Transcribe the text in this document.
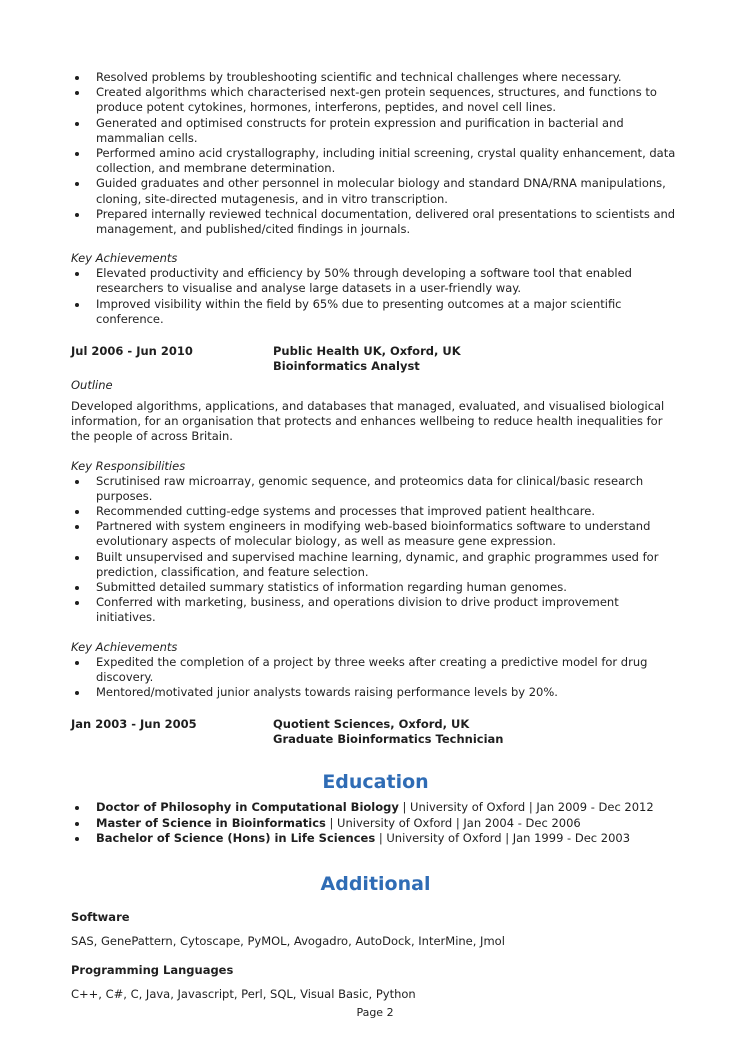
Resolved problems by troubleshooting scientific and technical challenges where necessary.
Created algorithms which characterised next-gen protein sequences, structures, and functions to produce potent cytokines, hormones, interferons, peptides, and novel cell lines.
Generated and optimised constructs for protein expression and purification in bacterial and mammalian cells.
Performed amino acid crystallography, including initial screening, crystal quality enhancement, data collection, and membrane determination.
Guided graduates and other personnel in molecular biology and standard DNA/RNA manipulations, cloning, site-directed mutagenesis, and in vitro transcription.
Prepared internally reviewed technical documentation, delivered oral presentations to scientists and management, and published/cited findings in journals.
Key Achievements
Elevated productivity and efficiency by 50% through developing a software tool that enabled researchers to visualise and analyse large datasets in a user-friendly way.
Improved visibility within the field by 65% due to presenting outcomes at a major scientific conference.
Jul 2006 - Jun 2010	Public Health UK, Oxford, UK
Bioinformatics Analyst
Outline
Developed algorithms, applications, and databases that managed, evaluated, and visualised biological information, for an organisation that protects and enhances wellbeing to reduce health inequalities for the people of across Britain.
Key Responsibilities
Scrutinised raw microarray, genomic sequence, and proteomics data for clinical/basic research purposes.
Recommended cutting-edge systems and processes that improved patient healthcare.
Partnered with system engineers in modifying web-based bioinformatics software to understand evolutionary aspects of molecular biology, as well as measure gene expression.
Built unsupervised and supervised machine learning, dynamic, and graphic programmes used for prediction, classification, and feature selection.
Submitted detailed summary statistics of information regarding human genomes.
Conferred with marketing, business, and operations division to drive product improvement initiatives.
Key Achievements
Expedited the completion of a project by three weeks after creating a predictive model for drug discovery.
Mentored/motivated junior analysts towards raising performance levels by 20%.
Jan 2003 - Jun 2005	Quotient Sciences, Oxford, UK
Graduate Bioinformatics Technician
Education
Doctor of Philosophy in Computational Biology | University of Oxford | Jan 2009 - Dec 2012
Master of Science in Bioinformatics | University of Oxford | Jan 2004 - Dec 2006
Bachelor of Science (Hons) in Life Sciences | University of Oxford | Jan 1999 - Dec 2003
Additional
Software
SAS, GenePattern, Cytoscape, PyMOL, Avogadro, AutoDock, InterMine, Jmol
Programming Languages
C++, C#, C, Java, Javascript, Perl, SQL, Visual Basic, Python
Page 2
